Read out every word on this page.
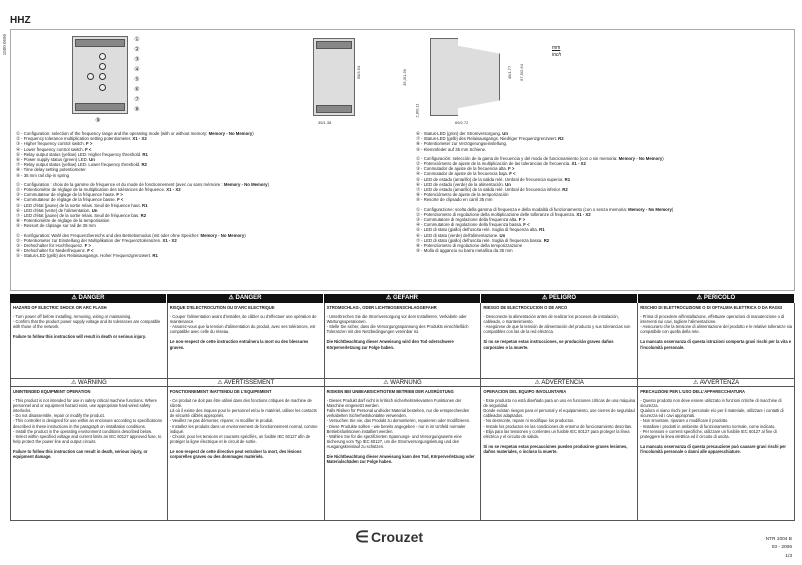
HHZ
1500 0596	①
②
③
④
⑤
⑥
⑦
⑧
⑨	35/1.38
90/3.54	35,3/1.39
2,8/0.11
69/2.72
45/1.77 67,5/2.64
mm
inch
① - Configuration: selection of the frequency range and the operating mode (with or without memory: Memory - No Memory)
② - Frequency tolerance multiplication setting potentiometer. X1 - X2
③ - Higher frequency control switch. F >
④ - Lower frequency control switch. F <
⑤ - Relay output status (yellow) LED. Higher frequency threshold. R1
⑥ - Power supply status (green) LED. Un
⑦ - Relay output status (yellow) LED. Lower frequency threshold. R2
⑧ - Time delay setting potentiometer
⑨ - 35 mm rail clip-in spring
① - Configuration : choix de la gamme de fréquence et du mode de fonctionnement (avec ou sans mémoire : Memory - No Memory)
② - Potentiomètre de réglage de la multiplication des tolérances de fréquence. X1 - X2
③ - Commutateur de réglage de la fréquence haute. F >
④ - Commutateur de réglage de la fréquence basse. F <
⑤ - LED d'état (jaune) de la sortie relais. Seuil de fréquence haut. R1
⑥ - LED d'état (verte) de l'alimentation. Un
⑦ - LED d'état (jaune) de la sortie relais. Seuil de fréquence bas. R2
⑧ - Potentiomètre de réglage de la temporisation
⑨ - Ressort de clipsage sur rail de 35 mm
① - Konfiguration: Wahl des Frequenzbereichs und des Betriebsmodus (mit oder ohne Speicher: Memory - No Memory)
② - Potentiometer zur Einstellung der Multiplikation der Frequenztoleranzen. X1 - X2
③ - Drehschalter für Hochfrequenz. F >
④ - Drehschalter für Niederfrequenz. F <
⑤ - Status-LED (gelb) des Relaisausgangs. Hoher Frequenzgrenzwert. R1
⑥ - Status-LED (grün) der Stromversorgung. Un
⑦ - Status-LED (gelb) des Relaisausgangs. Niedriger Frequenzgrenzwert. R2
⑧ - Potentiometer zur Verzögerungseinstellung.
⑨ - Klemmfeder auf 35 mm Schiene.
① - Configuración: selección de la gama de frecuencia y del modo de funcionamiento (con o sin memoria: Memory - No Memory)
② - Potenciómetro de ajuste de la multiplicación de las tolerancias de frecuencia. X1 - X2
③ - Conmutador de ajuste de la frecuencia alta. F >
④ - Conmutador de ajuste de la frecuencia baja. F <
⑤ - LED de estado (amarillo) de la salida relé. Umbral de frecuencia superior. R1
⑥ - LED de estado (verde) de la alimentación. Un
⑦ - LED de estado (amarillo) de la salida relé. Umbral de frecuencia inferior. R2
⑧ - Potenciómetro de ajuste de la temporización
⑨ - Resorte de clipsado en carril 35 mm
① - Configurazione: scelta della gamma di frequenza e della modalità di funzionamento (con o senza memoria: Memory - No Memory)
② - Potenziometro di regolazione della moltiplicazione delle tolleranze di frequenza. X1 - X2
③ - Commutatore di regolazione della frequenza alta. F >
④ - Commutatore di regolazione della frequenza bassa. F <
⑤ - LED di stato (giallo) dell'uscita relè. Soglia di frequenza alta. R1
⑥ - LED di stato (verde) dell'alimentazione. Un
⑦ - LED di stato (giallo) dell'uscita relè. Soglia di frequenza bassa. R2
⑧ - Potenziometro di regolazione della temporizzazione
⑨ - Molla di aggancio su barra metallica da 35 mm
⚠ DANGER	⚠ DANGER	⚠ GEFAHR	⚠ PELIGRO	⚠ PERICOLO
HAZARD OF ELECTRIC SHOCK OR ARC FLASH
- Turn power off before installing, removing, wiring or maintaining.
- Confirm that the product power supply voltage and its tolerances are compatible with those of the network.
Failure to follow this instruction will result in death or serious injury.
RISQUE D'ELECTROCUTION OU D'ARC ELECTRIQUE
- Couper l'alimentation avant d'installer, de câbler ou d'effectuer une opération de maintenance.
- Assurez-vous que la tension d'alimentation du produit, avec ses tolérances, est compatible avec celle du réseau.
Le non-respect de cette instruction entraînera la mort ou des blessures graves.
STROMSCHLAG-, ODER LICHTBOGENSCHLAGGEFAHR
- Unterbrechen Sie die Stromversorgung vor dem Installieren, Verkabeln oder Wartungsoperationen.
- Stelle Sie sicher, dass die Versorgungsspannung des Produkts einschließlich Toleranzen mit den Netzbedingungen vereinbar ist.
Die Nichtbeachtung dieser Anweisung wird den Tod oderschwere Körperverletzung zur Folge haben.
RIESGO DE ELECTROCUCION O DE ARCO
- Desconecte la alimentación antes de realizar los procesos de instalación, cableado, o mantenimiento.
- Asegúrese de que la tensión de alimentación del producto y sus tolerancias son compatibles con las de la red eléctrica.
Si no se respetan estas instrucciones, se producirán graves daños corporales o la muerte.
RISCHIO DI ELETTROCUZIONE O DI OFTALMIA ELETTRICA O DA RAGGI
- Prima di procedere all'installazione, effettuare operazioni di manutenzione o di interventi sui cavi, togliere l'alimentazione.
- Assicurarsi che la tensione di alimentazione del prodotto e le relative tolleranze sia compatibile con quella della rete.
La mancata osservanza di questa istruzioni comporta gravi rischi per la vita e l'incolumità personale.
⚠ WARNING	⚠ AVERTISSEMENT	⚠ WARNUNG	⚠ ADVERTENCIA	⚠ AVVERTENZA
UNINTENDED EQUIPMENT OPERATION
- This product is not intended for use in safety critical machine functions. Where personnel and or equipment hazard exist, use appropriate hard-wired safety interlocks.
- Do not disassemble, repair or modify the product.
- This controller is designed for use within an enclosure according to specifications described in these instructions in the paragraph on installation conditions.
- Install the product in the operating environment conditions described below.
- Select within specified voltage and current limits an IEC 60127 approved fuse, to help protect the power line and output circuits.
Failure to follow this instruction can result in death, serious injury, or equipment damage.
FONCTIONNEMENT INATTENDU DE L'EQUIPEMENT
- Ce produit ne doit pas être utilisé dans des fonctions critiques de machine de sûreté.
Là où il existe des risques pour le personnel et/ou le matériel, utiliser les contacts de sécurité câblés appropriés.
- Veuillez ne pas démonter, réparer, ni modifier le produit.
- Installez les produits dans un environnement de fonctionnement normal, comme indiqué.
- Choisir, pour les tensions et courants spécifiés, un fusible IEC 60127 afin de protéger la ligne électrique et le circuit de sortie.
Le non-respect de cette directive peut entraîner la mort, des lésions corporelles graves ou des dommages matériels.
RISIKEN BEI UNBEABSICHTIGTEM BETRIEB DER AUSRÜSTUNG
- Dieses Produkt darf nicht in kritisch sicherheitsrelevanten Funktionen der Maschine eingesetzt werden.
Falls Risiken für Personal und/oder Material bestehen, nur die entsprechenden verkabelten Sicherheitskontakte verwenden.
- Versuchen Sie nie, das Produkt zu demontieren, reparieren oder modifizieren.
- Diese Produkte sollten - wie bereits angegeben - nur in im Umfeld normaler Betriebsfunktionen installiert werden.
- Wählen Sie für die spezifizierten Spannungs- und Versorgungswerte eine Sicherung vom Typ IEC 60127, um die Stromversorgungsleitung und den Ausgangskreislauf zu schützen.
Die Nichtbeachtung dieser Anweisung kann den Tod, Körperverletzung oder Materialschäden zur Folge haben.
OPERACION DEL EQUIPO INVOLUNTARIA
- Este producto no está diseñado para un uso en funciones críticas de una máquina de seguridad.
Donde existan riesgos para el personal y el equipamiento, use cierres de seguridad cableados adaptados.
- No desmonte, repare ni modifique los productos.
- Instale los productos en las condiciones de entorno de funcionamiento descritas.
- Elija para las tensiones y corrientes un fusible IEC 60127 para proteger la línea eléctrica y el circuito de salida.
Si no se respetan estas precauciones pueden producirse graves lesiones, daños materiales, o incluso la muerte.
PRECAUZIONI PER L'USO DELL'APPARECCHIATURA
- Questo prodotto non deve essere utilizzato in funzioni critiche di macchine di sicurezza.
Qualora vi siano rischi per il personale e/o per il materiale, utilizzare i contatti di sicurezza ed i cavi appropriati.
- Non smontare, riparare o modificare il prodotto.
- Installare i prodotti in ambiente di funzionamento normale, come indicato.
- Per tensioni e correnti specifiche, utilizzare un fusibile IEC 60127 al fine di proteggere la linea elettrica ed il circuito di uscita.
La mancata osservanza di questa precauzione può causare gravi rischi per l'incolumità personale o danni alle apparecchiature.
∈ Crouzet	NTR 1004 B
03 - 2006
1/3
